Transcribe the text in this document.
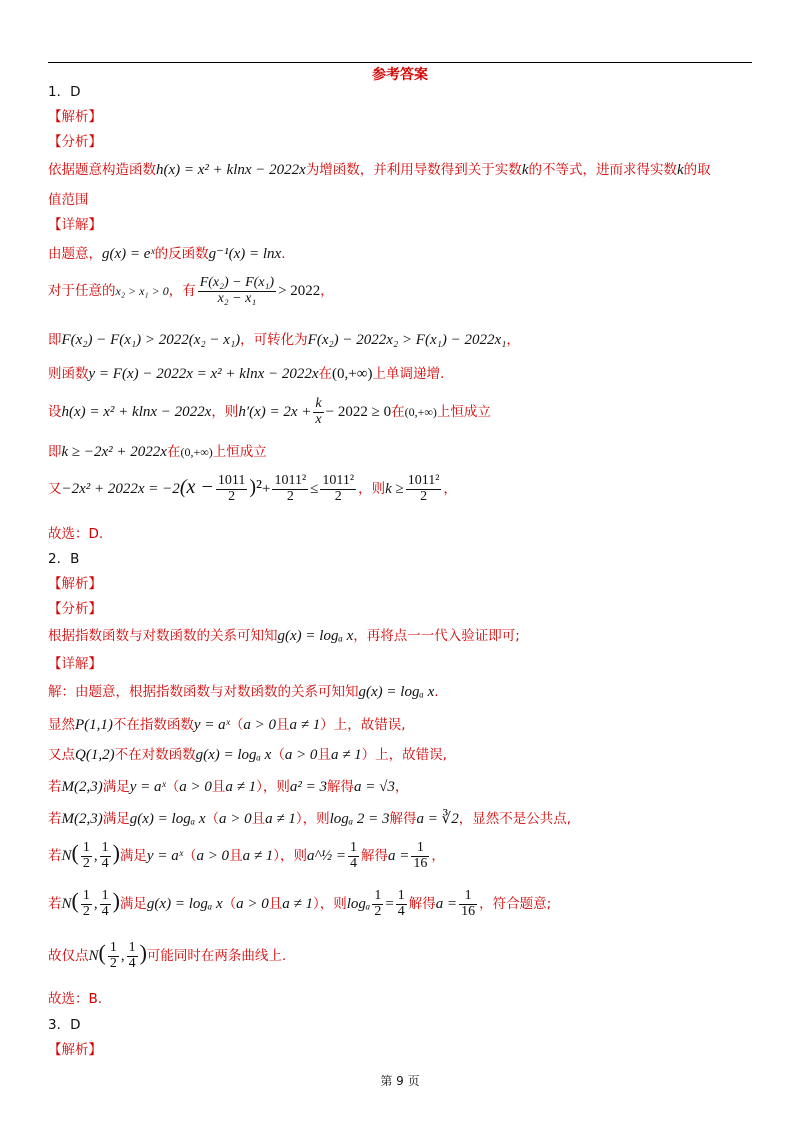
参考答案
1．D
【解析】
【分析】
依据题意构造函数h(x) = x² + klnx − 2022x为增函数，并利用导数得到关于实数k的不等式，进而求得实数k的取
值范围
【详解】
由题意，g(x) = eˣ的反函数g⁻¹(x) = lnx.
对于任意的x₂ > x₁ > 0，有 $\frac{\text{F(x₂) − F(x₁)}}{\text{x₂ − x₁}} > 2022$，
即F(x₂) − F(x₁) > 2022(x₂ − x₁)，可转化为F(x₂) − 2022x₂ > F(x₁) − 2022x₁，
则函数y = F(x) − 2022x = x² + klnx − 2022x在(0,+∞)上单调递增.
设h(x) = x² + klnx − 2022x，则$h'(x) = 2x + \frac{k}{x} - 2022 \ge 0$在(0,+∞)上恒成立
即k ≥ −2x² + 2022x在(0,+∞)上恒成立
又$-2x^2 + 2022x = -2(x - \frac{1011}{2} )^2+ \frac{\text{1011²}}{2} \le \frac{\text{1011²}}{2}$ ，则$k \ge \frac{\text{1011²}}{2}$ ，
故选：D.
2．B
【解析】
【分析】
根据指数函数与对数函数的关系可知知g(x) = logₐ x，再将点一一代入验证即可;
【详解】
解：由题意，根据指数函数与对数函数的关系可知知g(x) = logₐ x.
显然P(1,1)不在指数函数y = aˣ（a > 0且a ≠ 1）上，故错误,
又点Q(1,2)不在对数函数g(x) = logₐ x（a > 0且a ≠ 1）上，故错误,
若M(2,3)满足y = aˣ（a > 0且a ≠ 1），则a² = 3解得a = √3，
若M(2,3)满足g(x) = logₐ x（a > 0且a ≠ 1），则logₐ 2 = 3解得a = ∛2，显然不是公共点,
若$N( \frac{1}{2}$ , $\frac{1}{4}$ )满足y = aˣ（a > 0且a ≠ 1），则a^½ = $\frac{1}{4}$ 解得$a = \frac{1}{16}$ ，
若$N( \frac{1}{2}$ , $\frac{1}{4}$ )满足g(x) = logₐ x（a > 0且a ≠ 1），则logₐ $\frac{1}{2} = \frac{1}{4}$ 解得$a = \frac{1}{16}$ ，符合题意;
故仅点$N( \frac{1}{2}$ , $\frac{1}{4}$ )可能同时在两条曲线上.
故选：B.
3．D
【解析】
第 9 页
